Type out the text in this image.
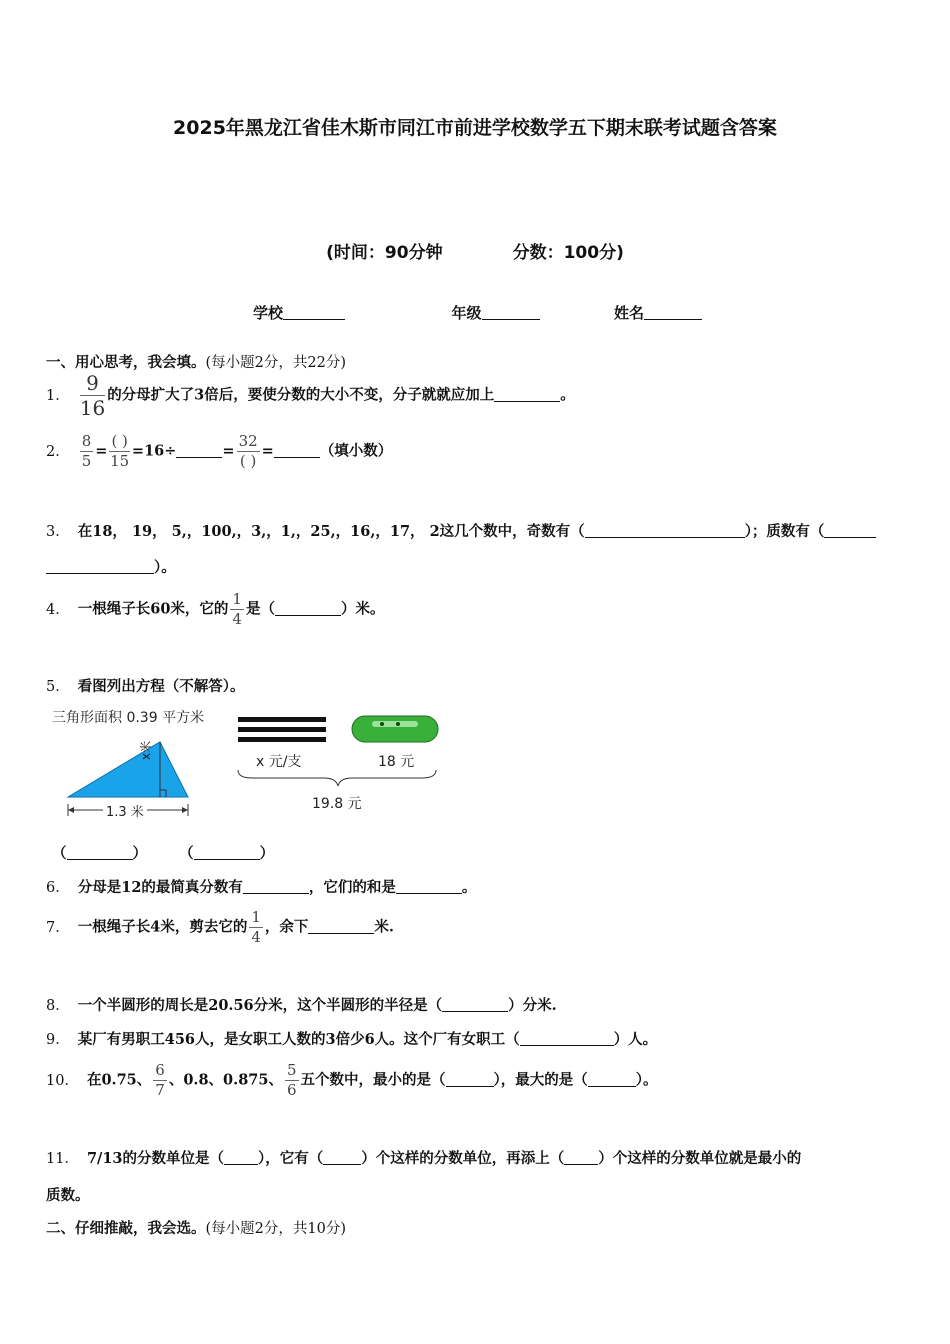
2025年黑龙江省佳木斯市同江市前进学校数学五下期末联考试题含答案
(时间：90分钟	分数：100分)
学校	年级	姓名
一、用心思考，我会填。(每小题2分，共22分)
1． $\frac{9}{16}$ 的分母扩大了3倍后，要使分数的大小不变，分子就就应加上	。
2． $\frac{8}{5} = \frac{( )}{15} =16\div$	= $\frac{32}{( )}$ =	（填小数）
3． 在18， 19， 5,，100,，3,，1,，25,，16,，17， 2这几个数中，奇数有（	）；质数有（
）。
4． 一根绳子长60米，它的 $\frac{1}{4}$ 是（	）米。
5． 看图列出方程（不解答）。
三角形面积 0.39 平方米
x米
1.3 米
x 元/支	18 元
19.8 元
（	） （	）
6． 分母是12的最简真分数有	，它们的和是	。
7． 一根绳子长4米，剪去它的 $\frac{1}{4}$ ，余下	米.
8． 一个半圆形的周长是20.56分米，这个半圆形的半径是（	）分米.
9． 某厂有男职工456人，是女职工人数的3倍少6人。这个厂有女职工（	）人。
10． 在0.75、 $\frac{6}{7}$ 、0.8、0.875、 $\frac{5}{6}$ 五个数中，最小的是（	），最大的是（	）。
11． 7/13的分数单位是（ ），它有（	）个这样的分数单位，再添上（ ）个这样的分数单位就是最小的
质数。
二、仔细推敲，我会选。(每小题2分，共10分)
